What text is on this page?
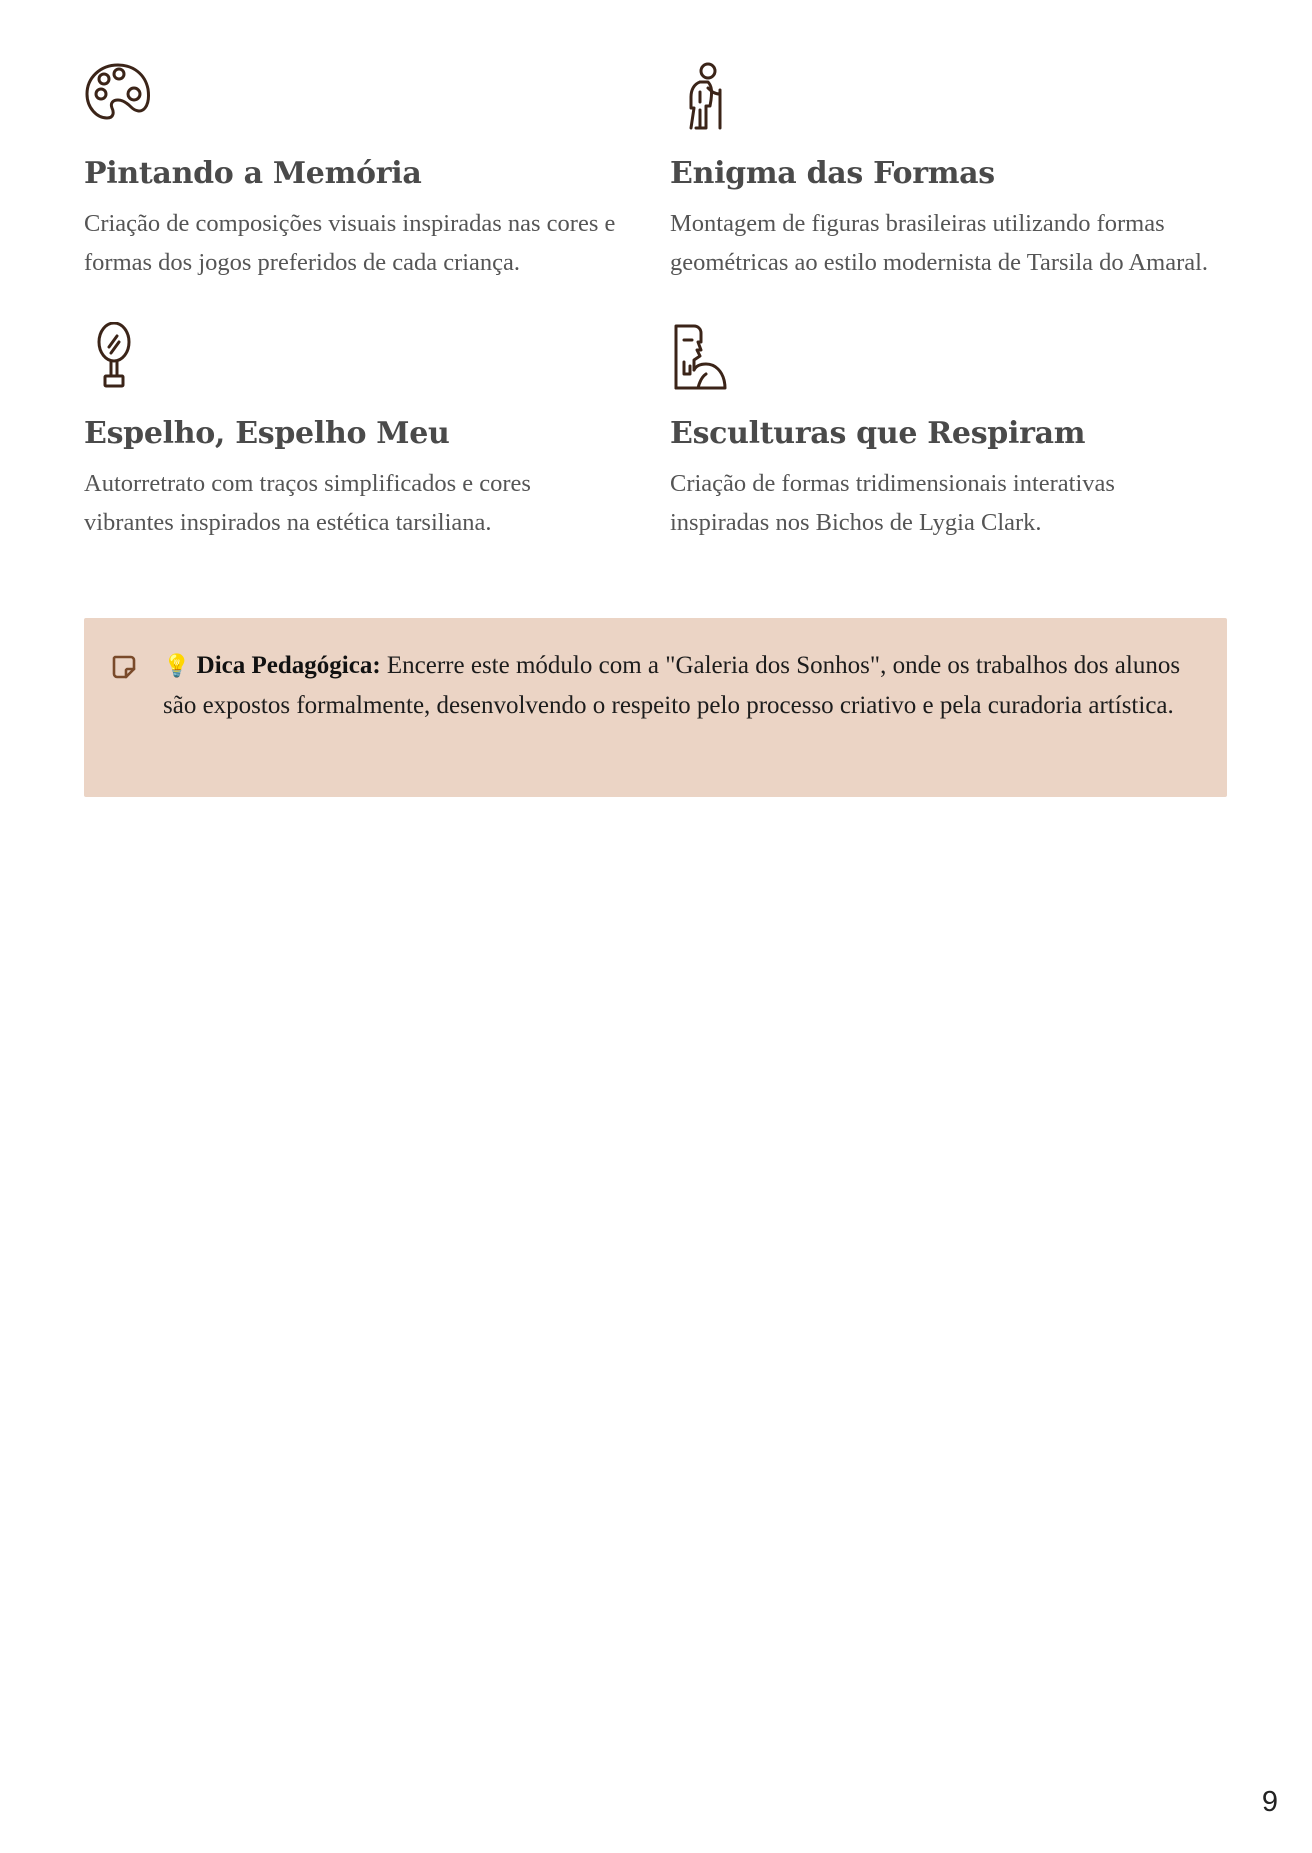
Pintando a Memória

Criação de composições visuais inspiradas nas cores e formas dos jogos preferidos de cada criança.

Enigma das Formas

Montagem de figuras brasileiras utilizando formas geométricas ao estilo modernista de Tarsila do Amaral.

Espelho, Espelho Meu

Autorretrato com traços simplificados e cores vibrantes inspirados na estética tarsiliana.

Esculturas que Respiram

Criação de formas tridimensionais interativas inspiradas nos Bichos de Lygia Clark.

💡 Dica Pedagógica: Encerre este módulo com a "Galeria dos Sonhos", onde os trabalhos dos alunos são expostos formalmente, desenvolvendo o respeito pelo processo criativo e pela curadoria artística.
9
